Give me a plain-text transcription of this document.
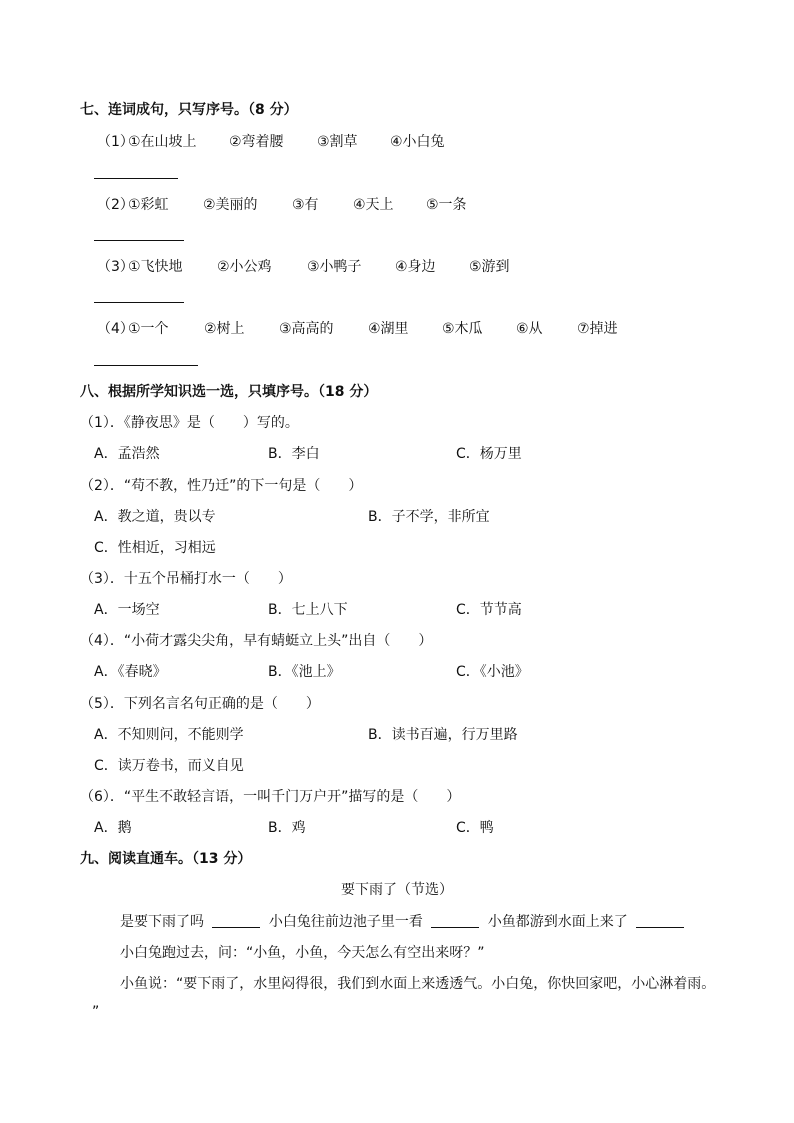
七、连词成句，只写序号。（8 分）
（1）
①在山坡上 ②弯着腰 ③割草 ④小白兔
（2）
①彩虹 ②美丽的 ③有 ④天上 ⑤一条
（3）
①飞快地 ②小公鸡	③小鸭子 ④身边 ⑤游到
（4）
①一个	②树上 ③高高的 ④湖里 ⑤木瓜 ⑥从 ⑦掉进
八、根据所学知识选一选，只填序号。（18 分）
（1）．《静夜思》是（　　）写的。
A．孟浩然	B．李白	C．杨万里
（2）．“苟不教，性乃迁”的下一句是（　　）
A．教之道，贵以专	B．子不学，非所宜
C．性相近，习相远
（3）．十五个吊桶打水一（　　）
A．一场空	B．七上八下	C．节节高
（4）．“小荷才露尖尖角，早有蜻蜓立上头”出自（　　）
A．《春晓》	B．《池上》	C．《小池》
（5）．下列名言名句正确的是（　　）
A．不知则问，不能则学	B．读书百遍，行万里路
C．读万卷书，而义自见
（6）．“平生不敢轻言语，一叫千门万户开”描写的是（　　）
A．鹅	B．鸡	C．鸭
九、阅读直通车。（13 分）
要下雨了（节选）
是要下雨了吗	小白兔往前边池子里一看	小鱼都游到水面上来了
小白兔跑过去，问：“小鱼，小鱼，今天怎么有空出来呀？”
小鱼说：“要下雨了，水里闷得很，我们到水面上来透透气。小白兔，你快回家吧，小心淋着雨。
”
